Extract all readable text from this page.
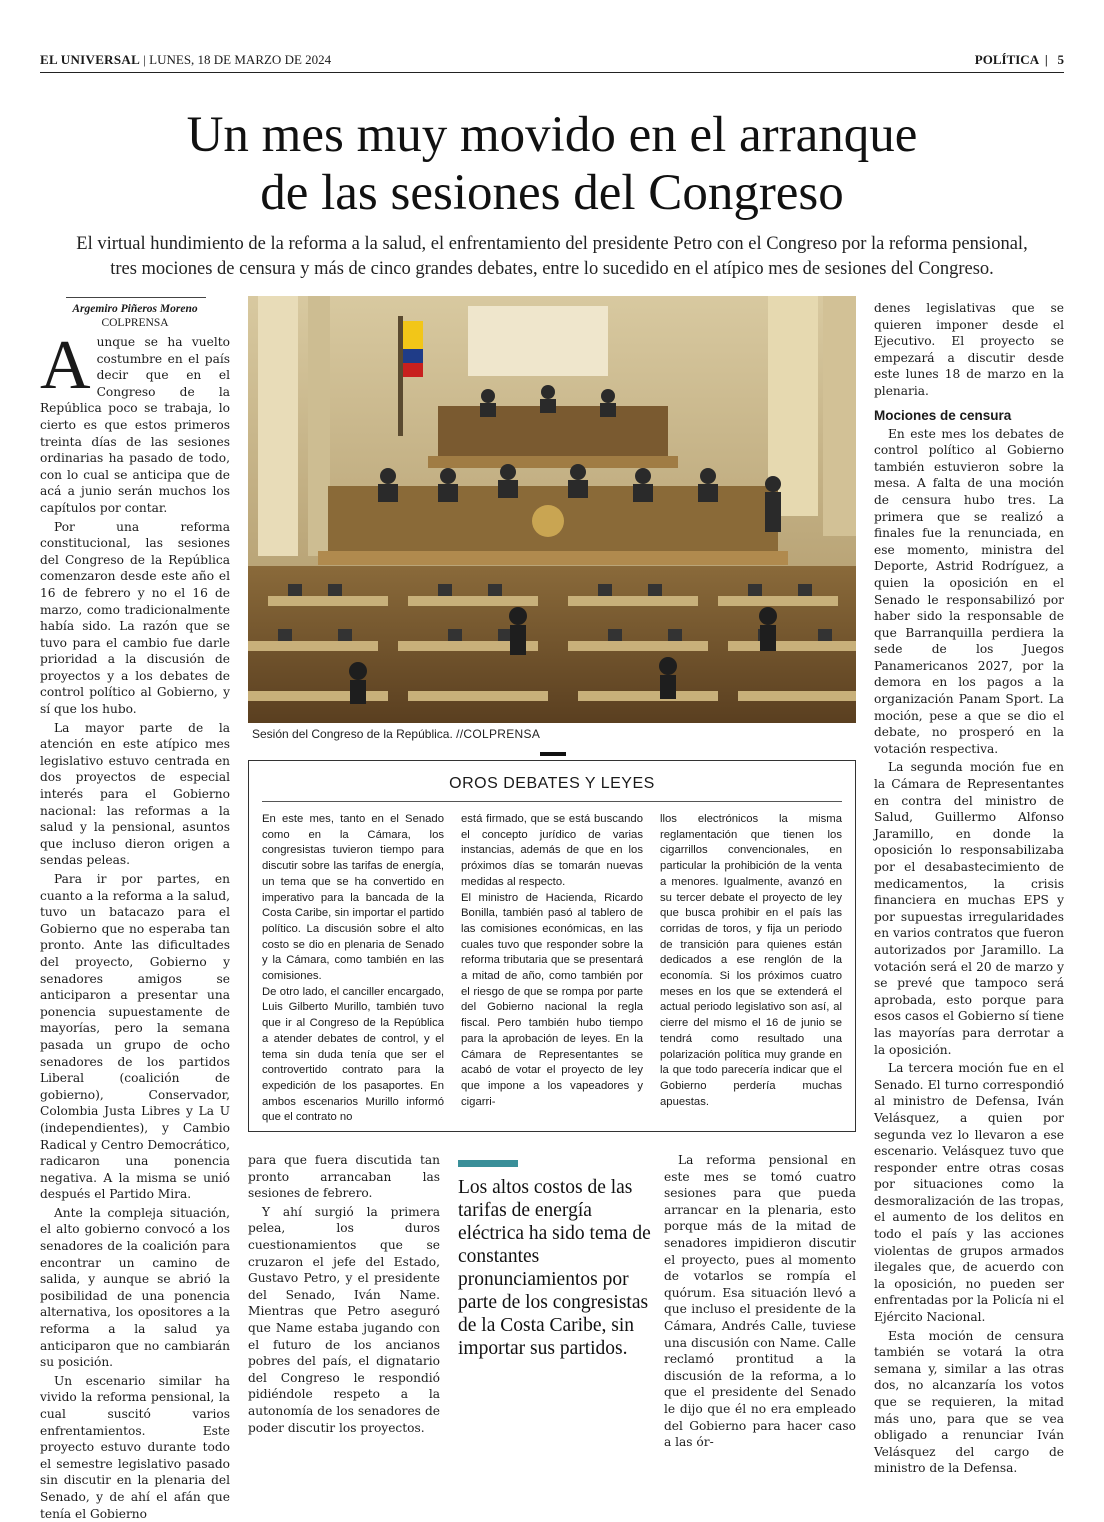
EL UNIVERSAL | LUNES, 18 DE MARZO DE 2024	POLÍTICA  |   5
Un mes muy movido en el arranque
de las sesiones del Congreso
El virtual hundimiento de la reforma a la salud, el enfrentamiento del presidente Petro con el Congreso por la reforma pensional,
tres mociones de censura y más de cinco grandes debates, entre lo sucedido en el atípico mes de sesiones del Congreso.
Argemiro Piñeros Moreno
COLPRENSA

Aunque se ha vuelto costumbre en el país decir que en el Congreso de la República poco se trabaja, lo cierto es que estos primeros treinta días de las sesiones ordinarias ha pasado de todo, con lo cual se anticipa que de acá a junio serán muchos los capítulos por contar.

Por una reforma constitucional, las sesiones del Congreso de la República comenzaron desde este año el 16 de febrero y no el 16 de marzo, como tradicionalmente había sido. La razón que se tuvo para el cambio fue darle prioridad a la discusión de proyectos y a los debates de control político al Gobierno, y sí que los hubo.

La mayor parte de la atención en este atípico mes legislativo estuvo centrada en dos proyectos de especial interés para el Gobierno nacional: las reformas a la salud y la pensional, asuntos que incluso dieron origen a sendas peleas.

Para ir por partes, en cuanto a la reforma a la salud, tuvo un batacazo para el Gobierno que no esperaba tan pronto. Ante las dificultades del proyecto, Gobierno y senadores amigos se anticiparon a presentar una ponencia supuestamente de mayorías, pero la semana pasada un grupo de ocho senadores de los partidos Liberal (coalición de gobierno), Conservador, Colombia Justa Libres y La U (independientes), y Cambio Radical y Centro Democrático, radicaron una ponencia negativa. A la misma se unió después el Partido Mira.

Ante la compleja situación, el alto gobierno convocó a los senadores de la coalición para encontrar un camino de salida, y aunque se abrió la posibilidad de una ponencia alternativa, los opositores a la reforma a la salud ya anticiparon que no cambiarán su posición.

Un escenario similar ha vivido la reforma pensional, la cual suscitó varios enfrentamientos. Este proyecto estuvo durante todo el semestre legislativo pasado sin discutir en la plenaria del Senado, y de ahí el afán que tenía el Gobierno

Sesión del Congreso de la República. //COLPRENSA
OROS DEBATES Y LEYES

En este mes, tanto en el Senado como en la Cámara, los congresistas tuvieron tiempo para discutir sobre las tarifas de energía, un tema que se ha convertido en imperativo para la bancada de la Costa Caribe, sin importar el partido político. La discusión sobre el alto costo se dio en plenaria de Senado y la Cámara, como también en las comisiones.

De otro lado, el canciller encargado, Luis Gilberto Murillo, también tuvo que ir al Congreso de la República a atender debates de control, y el tema sin duda tenía que ser el controvertido contrato para la expedición de los pasaportes. En ambos escenarios Murillo informó que el contrato no

está firmado, que se está buscando el concepto jurídico de varias instancias, además de que en los próximos días se tomarán nuevas medidas al respecto.

El ministro de Hacienda, Ricardo Bonilla, también pasó al tablero de las comisiones económicas, en las cuales tuvo que responder sobre la reforma tributaria que se presentará a mitad de año, como también por el riesgo de que se rompa por parte del Gobierno nacional la regla fiscal. Pero también hubo tiempo para la aprobación de leyes. En la Cámara de Representantes se acabó de votar el proyecto de ley que impone a los vapeadores y cigarri-

llos electrónicos la misma reglamentación que tienen los cigarrillos convencionales, en particular la prohibición de la venta a menores. Igualmente, avanzó en su tercer debate el proyecto de ley que busca prohibir en el país las corridas de toros, y fija un periodo de transición para quienes están dedicados a ese renglón de la economía. Si los próximos cuatro meses en los que se extenderá el actual periodo legislativo son así, al cierre del mismo el 16 de junio se tendrá como resultado una polarización política muy grande en la que todo parecería indicar que el Gobierno perdería muchas apuestas.

para que fuera discutida tan pronto arrancaban las sesiones de febrero.

Y ahí surgió la primera pelea, los duros cuestionamientos que se cruzaron el jefe del Estado, Gustavo Petro, y el presidente del Senado, Iván Name. Mientras que Petro aseguró que Name estaba jugando con el futuro de los ancianos pobres del país, el dignatario del Congreso le respondió pidiéndole respeto a la autonomía de los senadores de poder discutir los proyectos.

Los altos costos de las tarifas de energía eléctrica ha sido tema de constantes pronunciamientos por parte de los congresistas de la Costa Caribe, sin importar sus partidos.

La reforma pensional en este mes se tomó cuatro sesiones para que pueda arrancar en la plenaria, esto porque más de la mitad de senadores impidieron discutir el proyecto, pues al momento de votarlos se rompía el quórum. Esa situación llevó a que incluso el presidente de la Cámara, Andrés Calle, tuviese una discusión con Name. Calle reclamó prontitud a la discusión de la reforma, a lo que el presidente del Senado le dijo que él no era empleado del Gobierno para hacer caso a las ór-

denes legislativas que se quieren imponer desde el Ejecutivo. El proyecto se empezará a discutir desde este lunes 18 de marzo en la plenaria.

Mociones de censura

En este mes los debates de control político al Gobierno también estuvieron sobre la mesa. A falta de una moción de censura hubo tres. La primera que se realizó a finales fue la renunciada, en ese momento, ministra del Deporte, Astrid Rodríguez, a quien la oposición en el Senado le responsabilizó por haber sido la responsable de que Barranquilla perdiera la sede de los Juegos Panamericanos 2027, por la demora en los pagos a la organización Panam Sport. La moción, pese a que se dio el debate, no prosperó en la votación respectiva.

La segunda moción fue en la Cámara de Representantes en contra del ministro de Salud, Guillermo Alfonso Jaramillo, en donde la oposición lo responsabilizaba por el desabastecimiento de medicamentos, la crisis financiera en muchas EPS y por supuestas irregularidades en varios contratos que fueron autorizados por Jaramillo. La votación será el 20 de marzo y se prevé que tampoco será aprobada, esto porque para esos casos el Gobierno sí tiene las mayorías para derrotar a la oposición.

La tercera moción fue en el Senado. El turno correspondió al ministro de Defensa, Iván Velásquez, a quien por segunda vez lo llevaron a ese escenario. Velásquez tuvo que responder entre otras cosas por situaciones como la desmoralización de las tropas, el aumento de los delitos en todo el país y las acciones violentas de grupos armados ilegales que, de acuerdo con la oposición, no pueden ser enfrentadas por la Policía ni el Ejército Nacional.

Esta moción de censura también se votará la otra semana y, similar a las otras dos, no alcanzaría los votos que se requieren, la mitad más uno, para que se vea obligado a renunciar Iván Velásquez del cargo de ministro de la Defensa.
